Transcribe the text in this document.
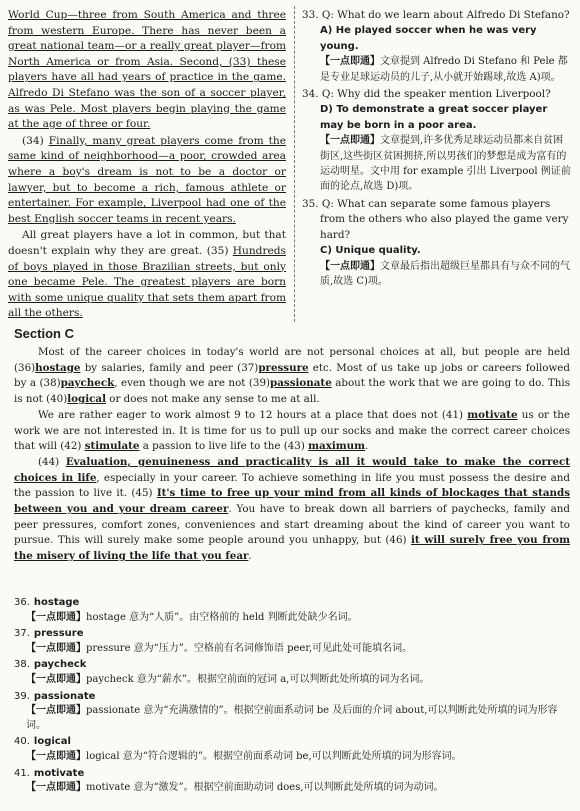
World Cup—three from South America and three from western Europe. There has never been a great national team—or a really great player—from North America or from Asia. Second, (33) these players have all had years of practice in the game. Alfredo Di Stefano was the son of a soccer player, as was Pele. Most players begin playing the game at the age of three or four.

(34) Finally, many great players come from the same kind of neighborhood—a poor, crowded area where a boy's dream is not to be a doctor or lawyer, but to become a rich, famous athlete or entertainer. For example, Liverpool had one of the best English soccer teams in recent years.

All great players have a lot in common, but that doesn't explain why they are great. (35) Hundreds of boys played in those Brazilian streets, but only one became Pele. The greatest players are born with some unique quality that sets them apart from all the others.

33. Q: What do we learn about Alfredo Di Stefano?
A) He played soccer when he was very young.
【一点即通】文章提到 Alfredo Di Stefano 和 Pele 都是专业足球运动员的儿子,从小就开始踢球,故选 A)项。
34. Q: Why did the speaker mention Liverpool?
D) To demonstrate a great soccer player may be born in a poor area.
【一点即通】文章提到,许多优秀足球运动员都来自贫困街区,这些街区贫困拥挤,所以男孩们的梦想是成为富有的运动明星。文中用 for example 引出 Liverpool 例证前面的论点,故选 D)项。
35. Q: What can separate some famous players from the others who also played the game very hard?
C) Unique quality.
【一点即通】文章最后指出超级巨星都具有与众不同的气质,故选 C)项。
Section C

Most of the career choices in today's world are not personal choices at all, but people are held (36)hostage by salaries, family and peer (37)pressure etc. Most of us take up jobs or careers followed by a (38)paycheck, even though we are not (39)passionate about the work that we are going to do. This is not (40)logical or does not make any sense to me at all.

We are rather eager to work almost 9 to 12 hours at a place that does not (41) motivate us or the work we are not interested in. It is time for us to pull up our socks and make the correct career choices that will (42) stimulate a passion to live life to the (43) maximum.

(44) Evaluation, genuineness and practicality is all it would take to make the correct choices in life, especially in your career. To achieve something in life you must possess the desire and the passion to live it. (45) It's time to free up your mind from all kinds of blockages that stands between you and your dream career. You have to break down all barriers of paychecks, family and peer pressures, comfort zones, conveniences and start dreaming about the kind of career you want to pursue. This will surely make some people around you unhappy, but (46) it will surely free you from the misery of living the life that you fear.

36. hostage
【一点即通】hostage 意为“人质”。由空格前的 held 判断此处缺少名词。
37. pressure
【一点即通】pressure 意为“压力”。空格前有名词修饰语 peer,可见此处可能填名词。
38. paycheck
【一点即通】paycheck 意为“薪水”。根据空前面的冠词 a,可以判断此处所填的词为名词。
39. passionate
【一点即通】passionate 意为“充满激情的”。根据空前面系动词 be 及后面的介词 about,可以判断此处所填的词为形容词。
40. logical
【一点即通】logical 意为“符合逻辑的”。根据空前面系动词 be,可以判断此处所填的词为形容词。
41. motivate
【一点即通】motivate 意为“激发”。根据空前面助动词 does,可以判断此处所填的词为动词。
